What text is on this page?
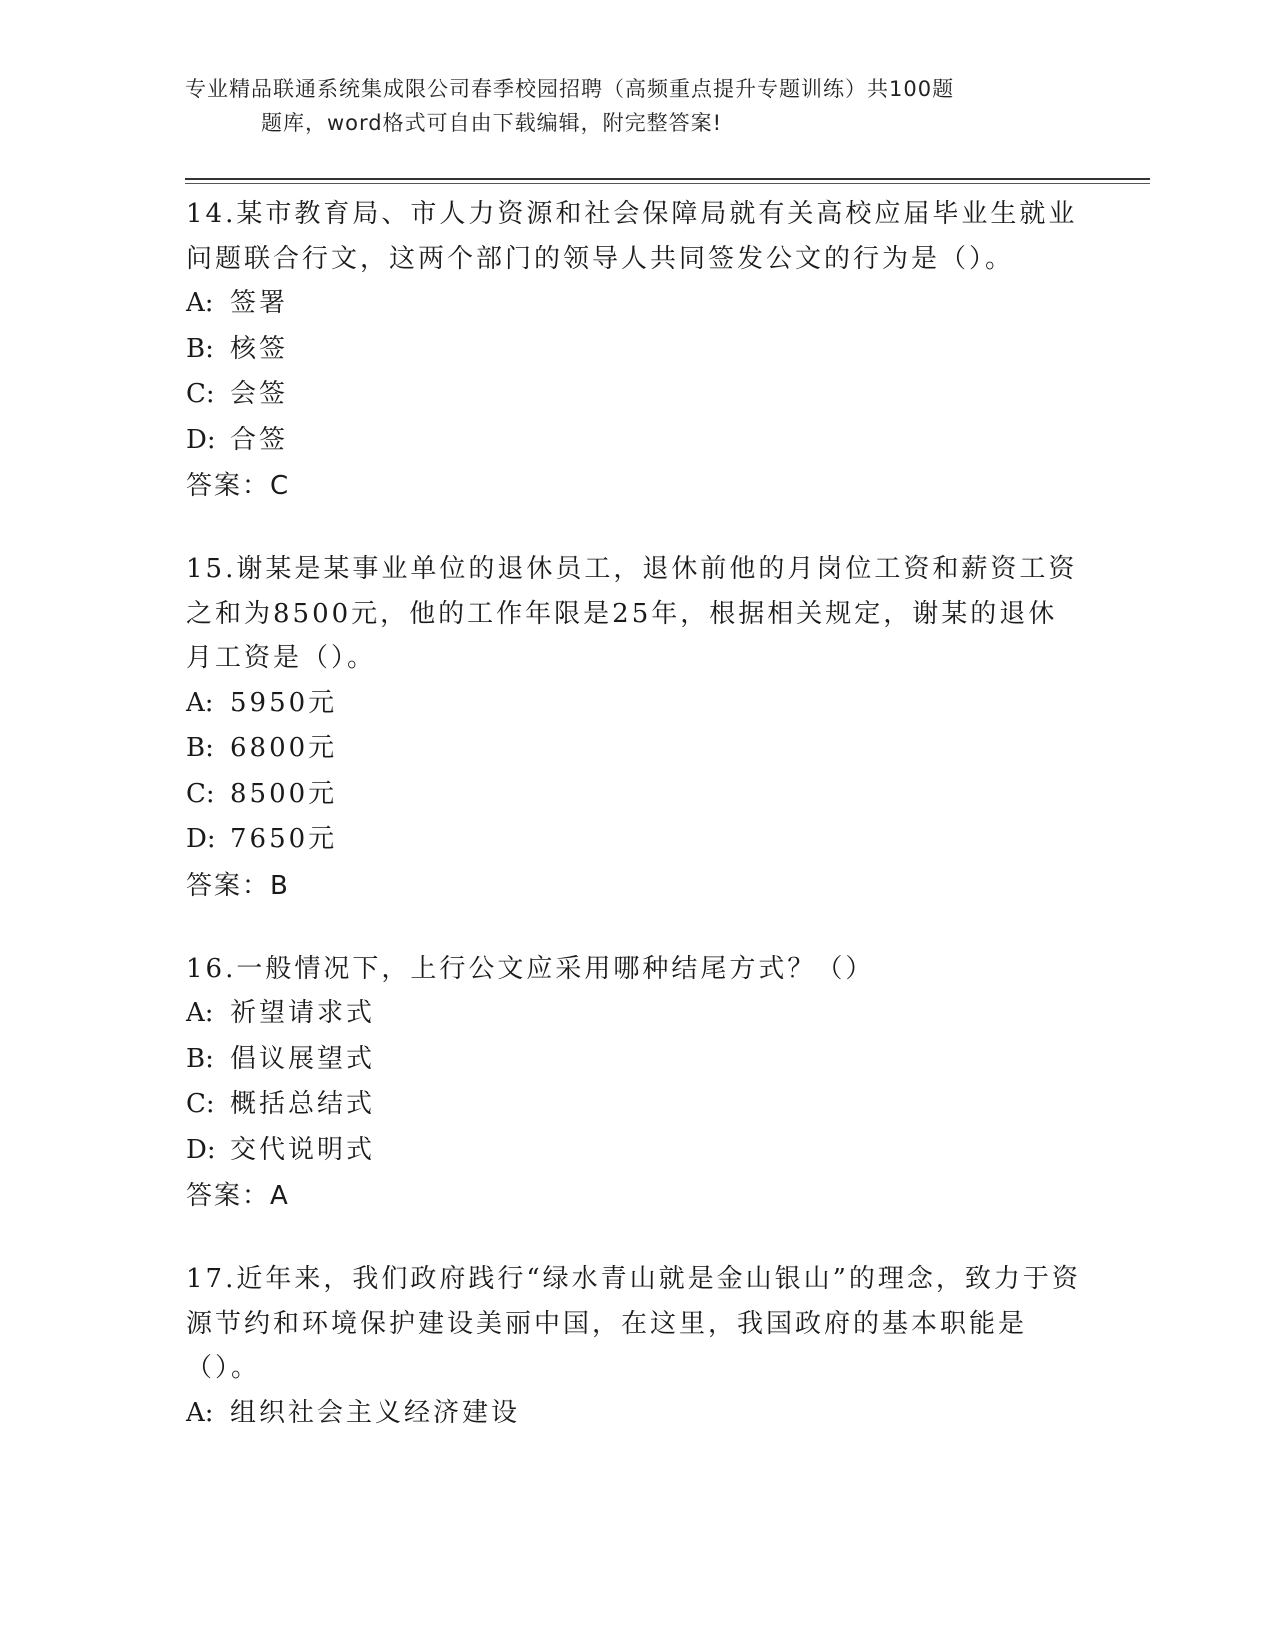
专业精品联通系统集成限公司春季校园招聘（高频重点提升专题训练）共100题
题库，word格式可自由下载编辑，附完整答案!

14.某市教育局、市人力资源和社会保障局就有关高校应届毕业生就业问题联合行文，这两个部门的领导人共同签发公文的行为是（）。

A: 签署

B: 核签

C: 会签

D: 合签

答案：C

15.谢某是某事业单位的退休员工，退休前他的月岗位工资和薪资工资之和为8500元，他的工作年限是25年，根据相关规定，谢某的退休月工资是（）。

A: 5950元

B: 6800元

C: 8500元

D: 7650元

答案：B

16.一般情况下，上行公文应采用哪种结尾方式？（）

A: 祈望请求式

B: 倡议展望式

C: 概括总结式

D: 交代说明式

答案：A

17.近年来，我们政府践行“绿水青山就是金山银山”的理念，致力于资源节约和环境保护建设美丽中国，在这里，我国政府的基本职能是（）。

A: 组织社会主义经济建设
